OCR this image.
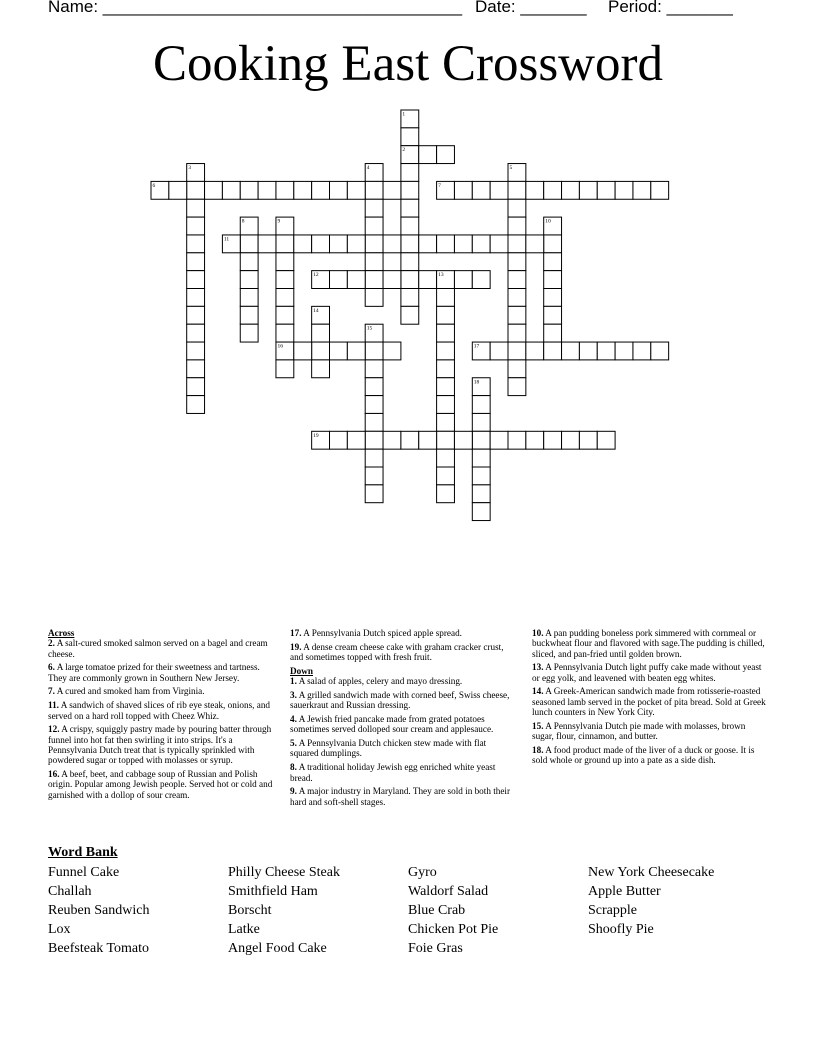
Name: ______________________________________ Date: _______ Period: _______
Cooking East Crossword
1
2
3	4	5
6	7
8	9
16
10
11
12	13
14
15
17
18
19
Across
2. A salt-cured smoked salmon served on a bagel and cream cheese.
6. A large tomatoe prized for their sweetness and tartness. They are commonly grown in Southern New Jersey.
7. A cured and smoked ham from Virginia.
11. A sandwich of shaved slices of rib eye steak, onions, and served on a hard roll topped with Cheez Whiz.
12. A crispy, squiggly pastry made by pouring batter through funnel into hot fat then swirling it into strips. It's a Pennsylvania Dutch treat that is typically sprinkled with powdered sugar or topped with molasses or syrup.
16. A beef, beet, and cabbage soup of Russian and Polish origin. Popular among Jewish people. Served hot or cold and garnished with a dollop of sour cream.
17. A Pennsylvania Dutch spiced apple spread.
19. A dense cream cheese cake with graham cracker crust, and sometimes topped with fresh fruit.
Down
1. A salad of apples, celery and mayo dressing.
3. A grilled sandwich made with corned beef, Swiss cheese, sauerkraut and Russian dressing.
4. A Jewish fried pancake made from grated potatoes sometimes served dolloped sour cream and applesauce.
5. A Pennsylvania Dutch chicken stew made with flat squared dumplings.
8. A traditional holiday Jewish egg enriched white yeast bread.
9. A major industry in Maryland. They are sold in both their hard and soft-shell stages.
10. A pan pudding boneless pork simmered with cornmeal or buckwheat flour and flavored with sage.The pudding is chilled, sliced, and pan-fried until golden brown.
13. A Pennsylvania Dutch light puffy cake made without yeast or egg yolk, and leavened with beaten egg whites.
14. A Greek-American sandwich made from rotisserie-roasted seasoned lamb served in the pocket of pita bread. Sold at Greek lunch counters in New York City.
15. A Pennsylvania Dutch pie made with molasses, brown sugar, flour, cinnamon, and butter.
18. A food product made of the liver of a duck or goose. It is sold whole or ground up into a pate as a side dish.
Word Bank
Funnel Cake
Challah
Reuben Sandwich
Lox
Beefsteak Tomato
Philly Cheese Steak
Smithfield Ham
Borscht
Latke
Angel Food Cake
Gyro
Waldorf Salad
Blue Crab
Chicken Pot Pie
Foie Gras
New York Cheesecake
Apple Butter
Scrapple
Shoofly Pie
